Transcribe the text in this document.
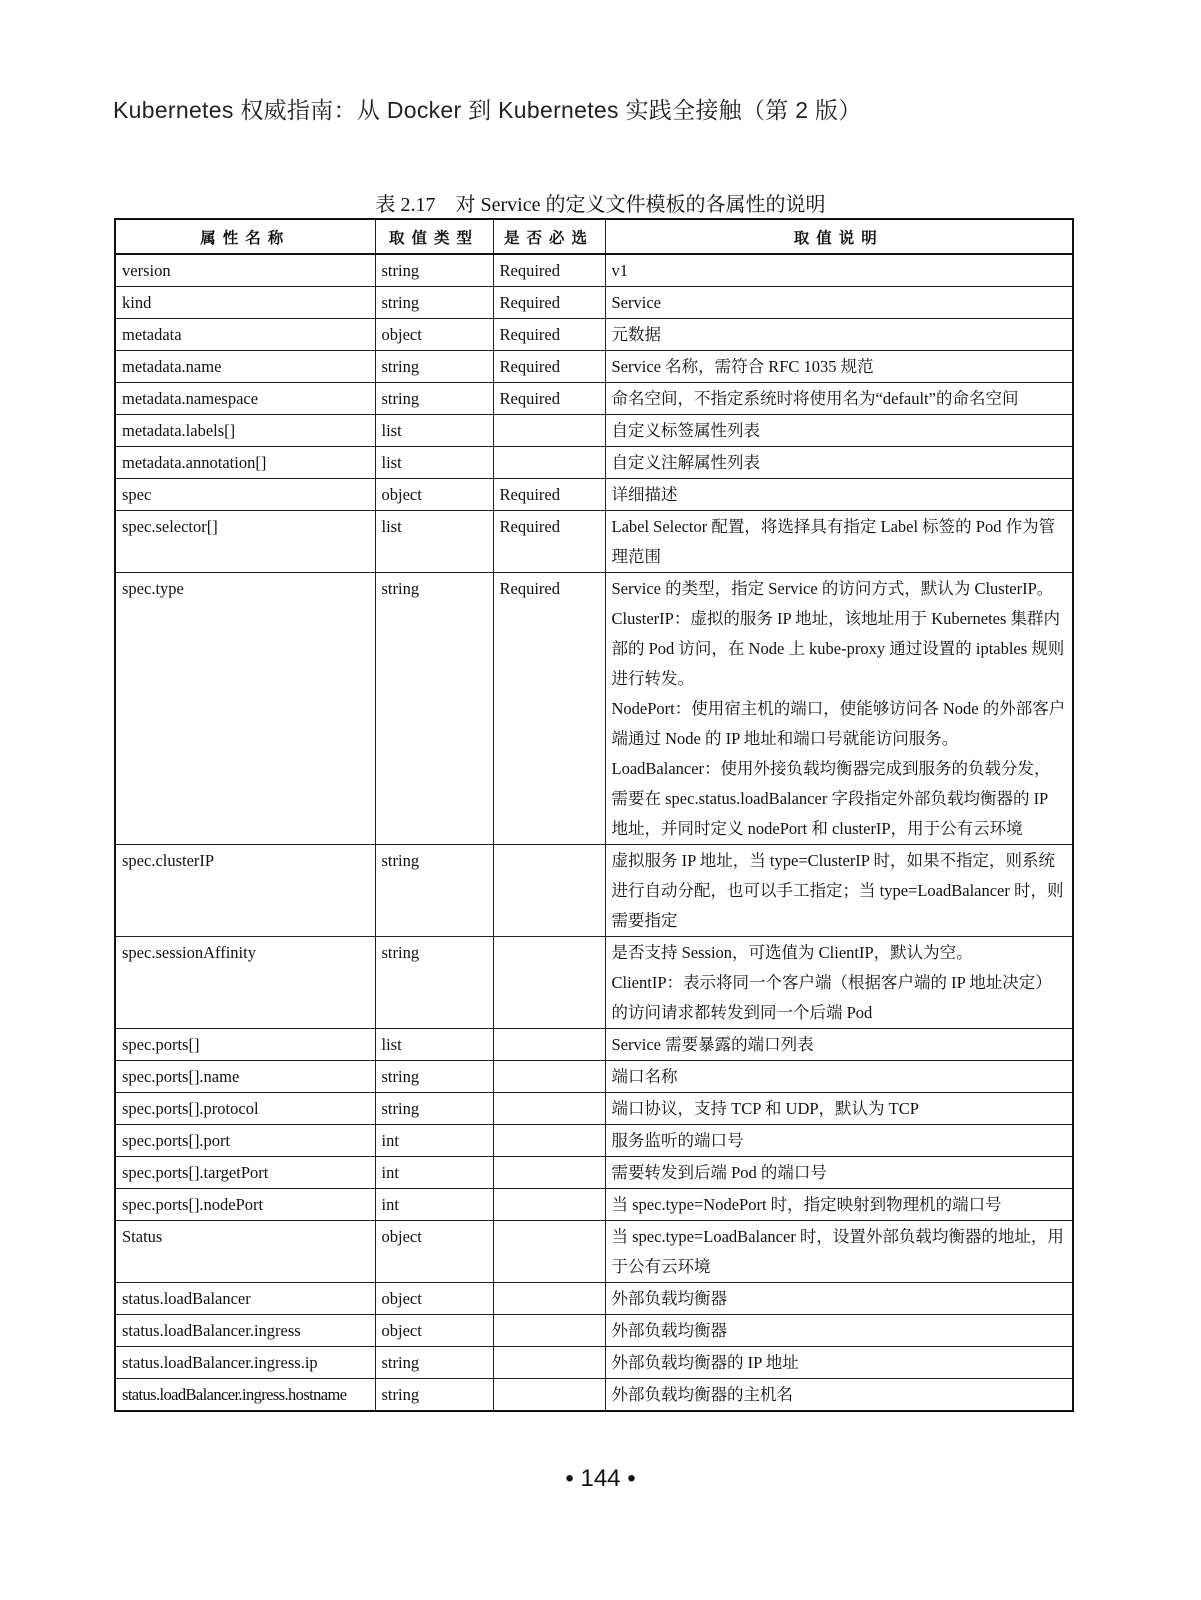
Kubernetes 权威指南：从 Docker 到 Kubernetes 实践全接触（第 2 版）
表 2.17　对 Service 的定义文件模板的各属性的说明
属性名称	取值类型	是否必选	取值说明
version	string	Required	v1

kind	string	Required	Service

metadata	object	Required	元数据

metadata.name	string	Required	Service 名称，需符合 RFC 1035 规范

metadata.namespace	string	Required	命名空间，不指定系统时将使用名为“default”的命名空间

metadata.labels[]	list		自定义标签属性列表

metadata.annotation[]	list		自定义注解属性列表

spec	object	Required	详细描述

spec.selector[]	list	Required	Label Selector 配置，将选择具有指定 Label 标签的 Pod 作为管理范围

spec.type	string	Required	Service 的类型，指定 Service 的访问方式，默认为 ClusterIP。
ClusterIP：虚拟的服务 IP 地址，该地址用于 Kubernetes 集群内部的 Pod 访问，在 Node 上 kube-proxy 通过设置的 iptables 规则进行转发。
NodePort：使用宿主机的端口，使能够访问各 Node 的外部客户端通过 Node 的 IP 地址和端口号就能访问服务。
LoadBalancer：使用外接负载均衡器完成到服务的负载分发，需要在 spec.status.loadBalancer 字段指定外部负载均衡器的 IP 地址，并同时定义 nodePort 和 clusterIP，用于公有云环境

spec.clusterIP	string		虚拟服务 IP 地址，当 type=ClusterIP 时，如果不指定，则系统进行自动分配，也可以手工指定；当 type=LoadBalancer 时，则需要指定

spec.sessionAffinity	string		是否支持 Session，可选值为 ClientIP，默认为空。
ClientIP：表示将同一个客户端（根据客户端的 IP 地址决定）的访问请求都转发到同一个后端 Pod

spec.ports[]	list		Service 需要暴露的端口列表

spec.ports[].name	string		端口名称

spec.ports[].protocol	string		端口协议，支持 TCP 和 UDP，默认为 TCP

spec.ports[].port	int		服务监听的端口号

spec.ports[].targetPort	int		需要转发到后端 Pod 的端口号

spec.ports[].nodePort	int		当 spec.type=NodePort 时，指定映射到物理机的端口号

Status	object		当 spec.type=LoadBalancer 时，设置外部负载均衡器的地址，用于公有云环境

status.loadBalancer	object		外部负载均衡器

status.loadBalancer.ingress	object		外部负载均衡器

status.loadBalancer.ingress.ip	string		外部负载均衡器的 IP 地址

status.loadBalancer.ingress.hostname	string		外部负载均衡器的主机名
• 144 •
